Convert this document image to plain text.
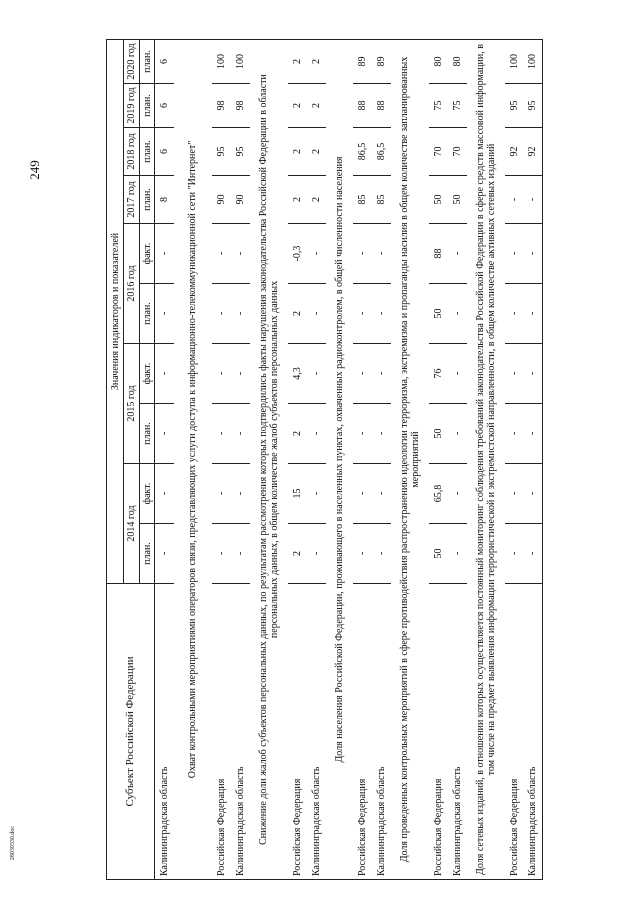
249
28030330.doc
Субъект Российской Федерации	Значения индикаторов и показателей									
	2014 год		2015 год		2016 год		2017 год	2018 год	2019 год	2020 год
	план.	факт.	план.	факт.	план.	факт.	план.	план.	план.	план.
Калининградская область	-	-	-	-	-	-	8	6	6	6
Охват контрольными мероприятиями операторов связи, представляющих услуги доступа к информационно-телекоммуникационной сети "Интернет"										
Российская Федерация	-	-	-	-	-	-	90	95	98	100
Калининградская область	-	-	-	-	-	-	90	95	98	100
Снижение доли жалоб субъектов персональных данных, по результатам рассмотрения которых подтвердились факты нарушения законодательства Российской Федерации в области персональных данных, в общем количестве жалоб субъектов персональных данных										
Российская Федерация	2	15	2	4,3	2	-0,3	2	2	2	2
Калининградская область	-	-	-	-	-	-	2	2	2	2
Доля населения Российской Федерации, проживающего в населенных пунктах, охваченных радиоконтролем, в общей численности населения										
Российская Федерация	-	-	-	-	-	-	85	86,5	88	89
Калининградская область	-	-	-	-	-	-	85	86,5	88	89
Доля проведенных контрольных мероприятий в сфере противодействия распространению идеологии терроризма, экстремизма и пропаганды насилия в общем количестве запланированных мероприятий										
Российская Федерация	50	65,8	50	76	50	88	50	70	75	80
Калининградская область	-	-	-	-	-	-	50	70	75	80
Доля сетевых изданий, в отношении которых осуществляется постоянный мониторинг соблюдения требований законодательства Российской Федерации в сфере средств массовой информации, в том числе на предмет выявления информации террористической и экстремистской направленности, в общем количестве активных сетевых изданий										
Российская Федерация	-	-	-	-	-	-	-	92	95	100
Калининградская область	-	-	-	-	-	-	-	92	95	100
